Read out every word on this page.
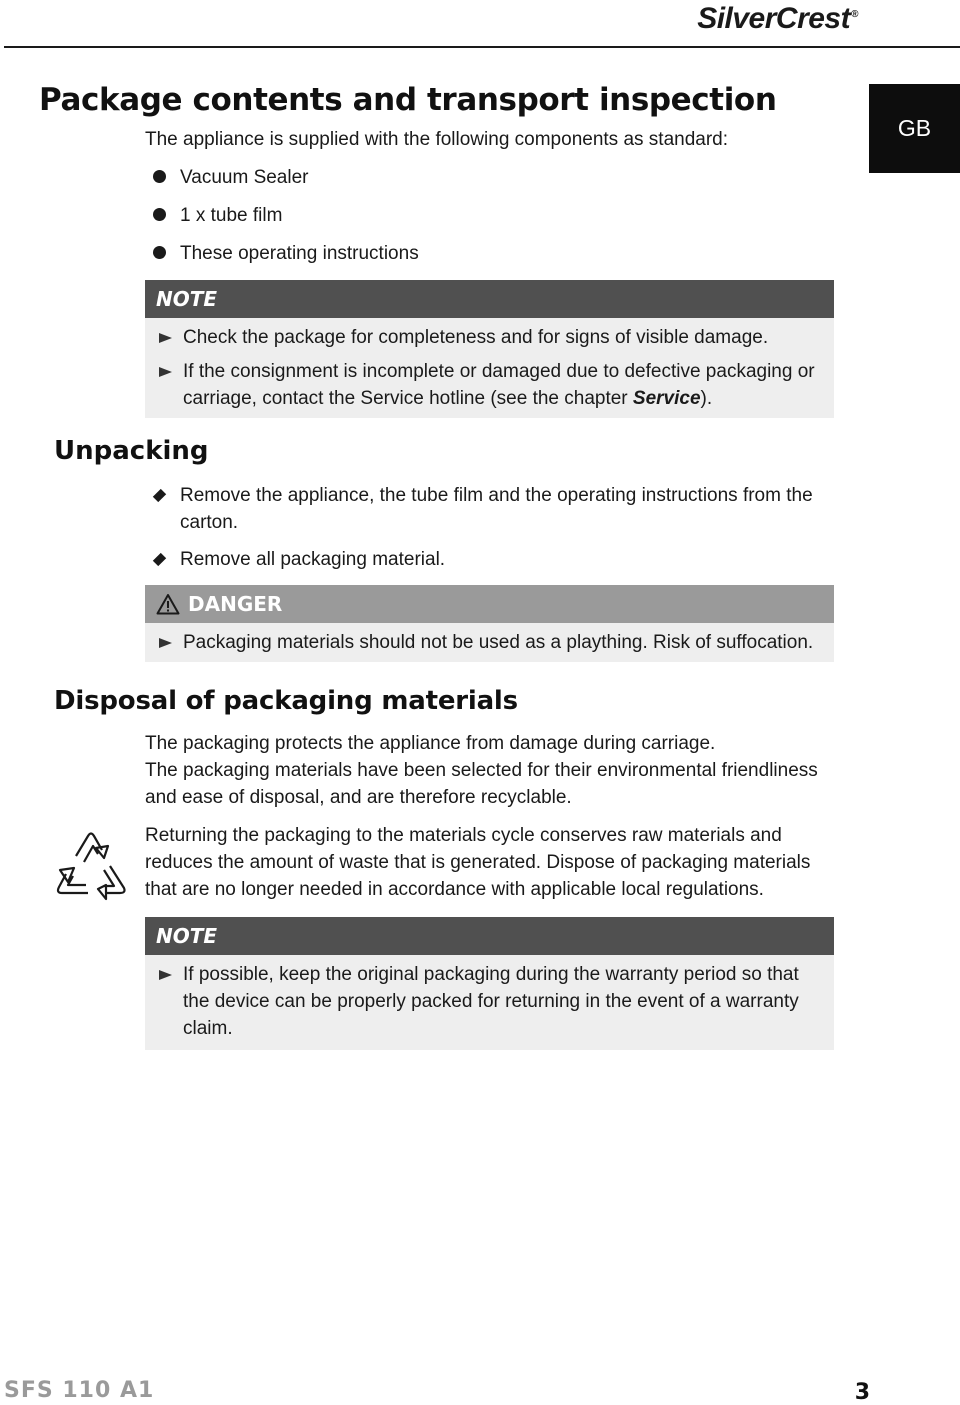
SilverCrest®
GB
Package contents and transport inspection

The appliance is supplied with the following components as standard:

Vacuum Sealer
1 x tube film
These operating instructions
NOTE

Check the package for completeness and for signs of visible damage.

If the consignment is incomplete or damaged due to defective packaging or carriage, contact the Service hotline (see the chapter Service).

Unpacking

Remove the appliance, the tube film and the operating instructions from the carton.

Remove all packaging material.

DANGER

Packaging materials should not be used as a plaything. Risk of suffocation.

Disposal of packaging materials
The packaging protects the appliance from damage during carriage.
The packaging materials have been selected for their environmental friendliness and ease of disposal, and are therefore recyclable.

Returning the packaging to the materials cycle conserves raw materials and reduces the amount of waste that is generated. Dispose of packaging materials that are no longer needed in accordance with applicable local regulations.

NOTE

If possible, keep the original packaging during the warranty period so that the device can be properly packed for returning in the event of a warranty claim.

SFS 110 A1	3
